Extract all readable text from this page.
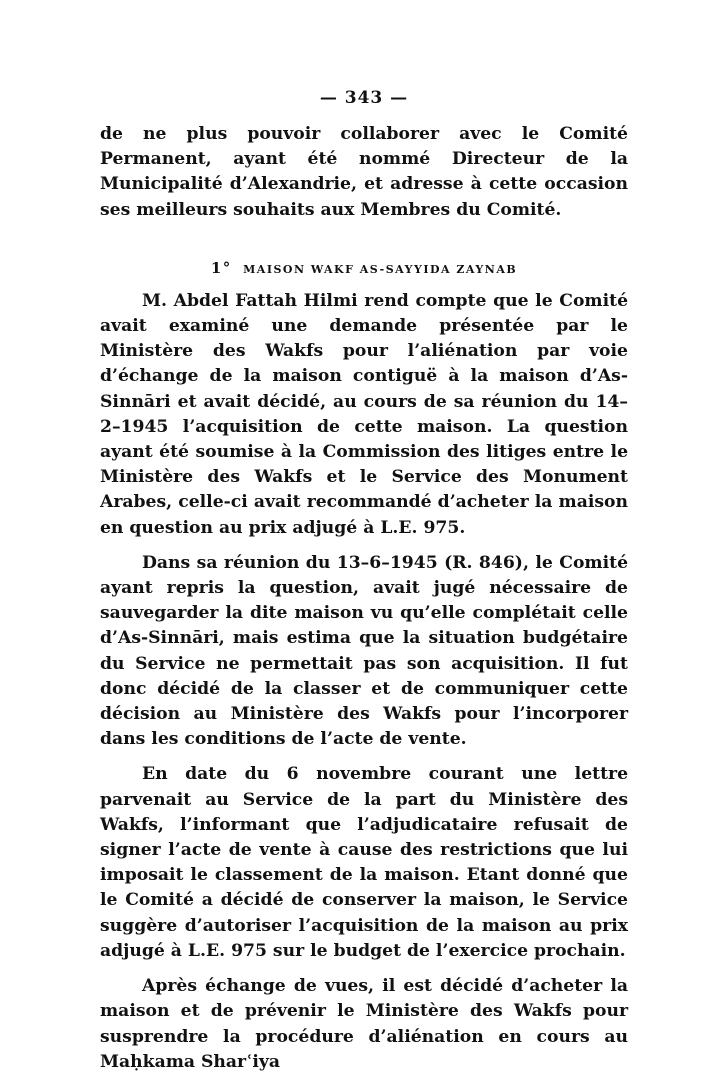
— 343 —

de ne plus pouvoir collaborer avec le Comité Permanent, ayant été nommé Directeur de la Municipalité d’Alexandrie, et adresse à cette occasion ses meilleurs souhaits aux Membres du Comité.

1° MAISON WAKF AS-SAYYIDA ZAYNAB

M. Abdel Fattah Hilmi rend compte que le Comité avait examiné une demande présentée par le Ministère des Wakfs pour l’aliénation par voie d’échange de la maison contiguë à la maison d’As-Sinnāri et avait décidé, au cours de sa réunion du 14–2–1945 l’acquisition de cette maison. La question ayant été soumise à la Commission des litiges entre le Ministère des Wakfs et le Service des Monument Arabes, celle-ci avait recommandé d’acheter la maison en question au prix adjugé à L.E. 975.

Dans sa réunion du 13–6–1945 (R. 846), le Comité ayant repris la question, avait jugé nécessaire de sauvegarder la dite maison vu qu’elle complétait celle d’As-Sinnāri, mais estima que la situation budgétaire du Service ne permettait pas son acquisition. Il fut donc décidé de la classer et de communiquer cette décision au Ministère des Wakfs pour l’incorporer dans les conditions de l’acte de vente.

En date du 6 novembre courant une lettre parvenait au Service de la part du Ministère des Wakfs, l’informant que l’adjudicataire refusait de signer l’acte de vente à cause des restrictions que lui imposait le classement de la maison. Etant donné que le Comité a décidé de conserver la maison, le Service suggère d’autoriser l’acquisition de la maison au prix adjugé à L.E. 975 sur le budget de l’exercice prochain.

Après échange de vues, il est décidé d’acheter la maison et de prévenir le Ministère des Wakfs pour susprendre la procédure d’aliénation en cours au Maḥkama Sharʿiya
